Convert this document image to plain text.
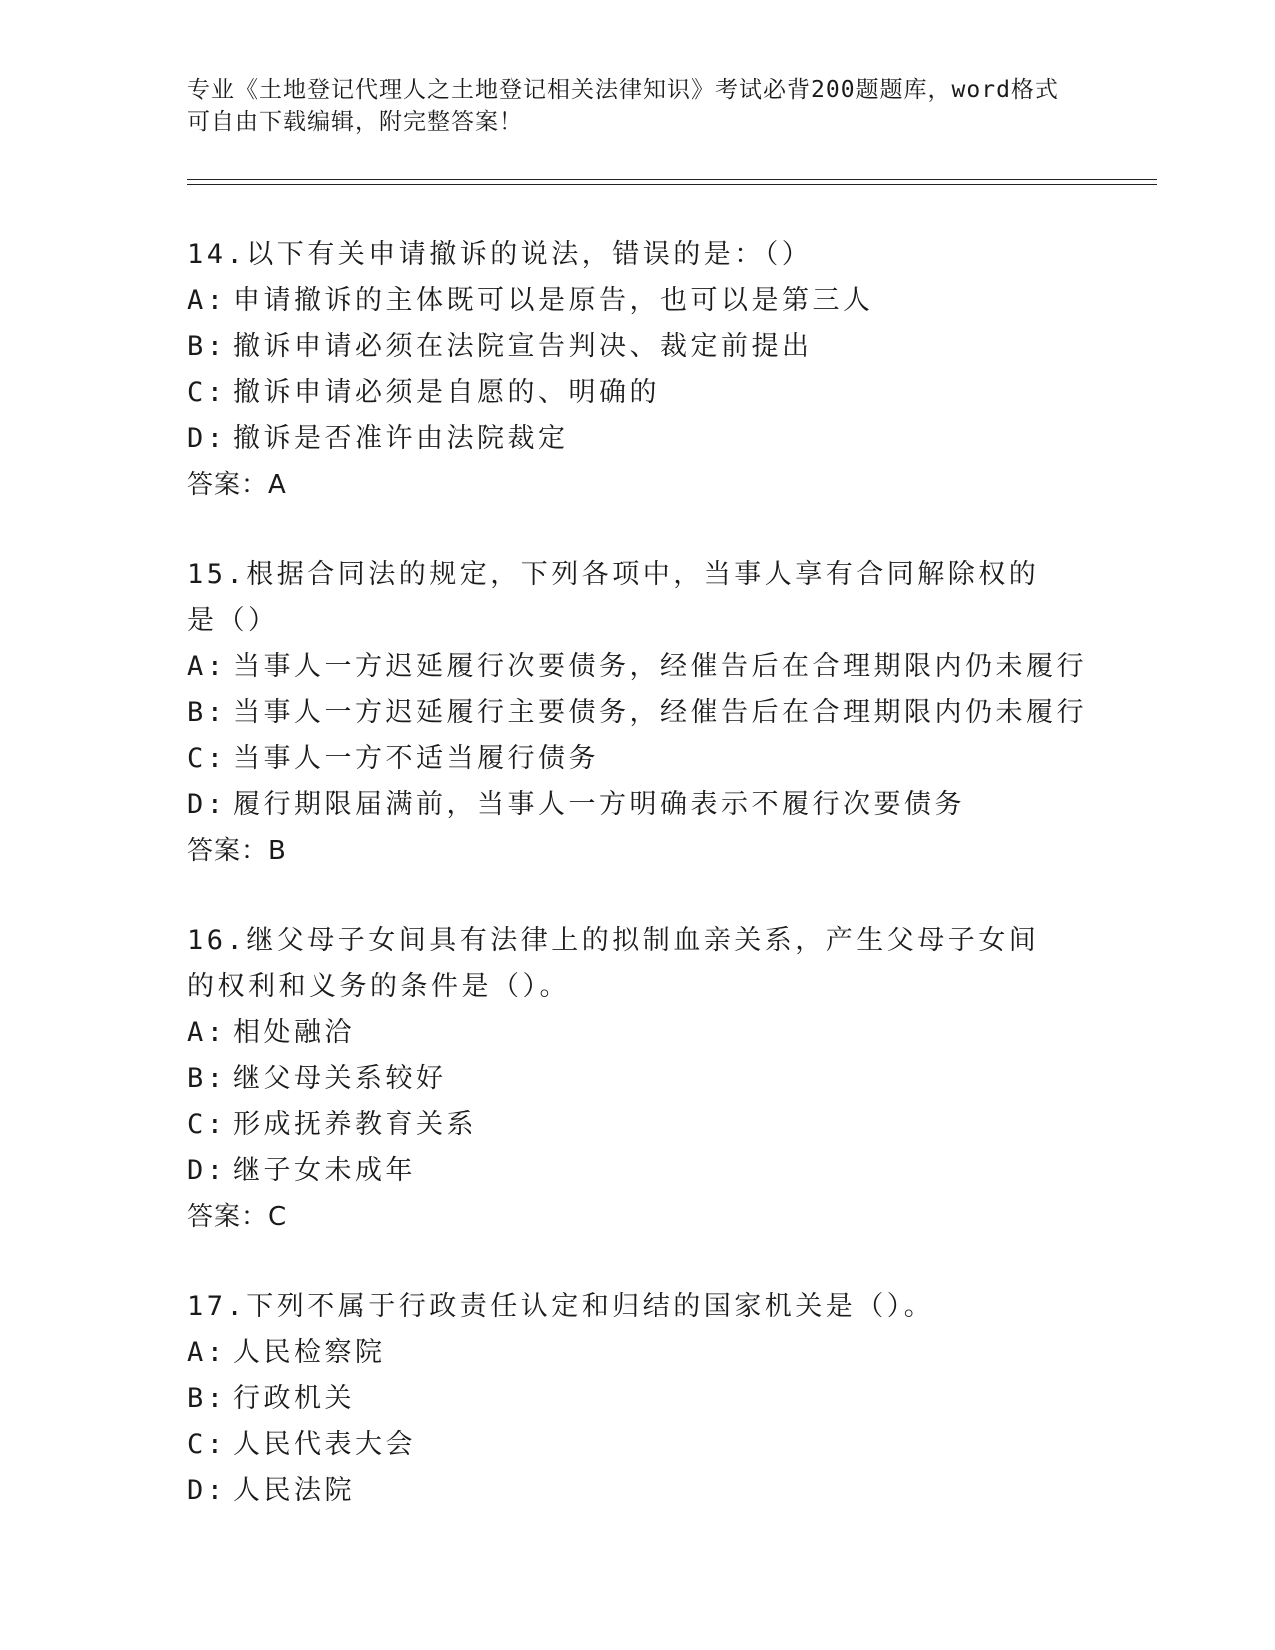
专业《土地登记代理人之土地登记相关法律知识》考试必背200题题库，word格式可自由下载编辑，附完整答案！
14.以下有关申请撤诉的说法，错误的是：（）
A: 申请撤诉的主体既可以是原告，也可以是第三人
B: 撤诉申请必须在法院宣告判决、裁定前提出
C: 撤诉申请必须是自愿的、明确的
D: 撤诉是否准许由法院裁定
答案：A
15.根据合同法的规定，下列各项中，当事人享有合同解除权的是（）
A: 当事人一方迟延履行次要债务，经催告后在合理期限内仍未履行
B: 当事人一方迟延履行主要债务，经催告后在合理期限内仍未履行
C: 当事人一方不适当履行债务
D: 履行期限届满前，当事人一方明确表示不履行次要债务
答案：B
16.继父母子女间具有法律上的拟制血亲关系，产生父母子女间的权利和义务的条件是（）。
A: 相处融洽
B: 继父母关系较好
C: 形成抚养教育关系
D: 继子女未成年
答案：C
17.下列不属于行政责任认定和归结的国家机关是（）。
A: 人民检察院
B: 行政机关
C: 人民代表大会
D: 人民法院
